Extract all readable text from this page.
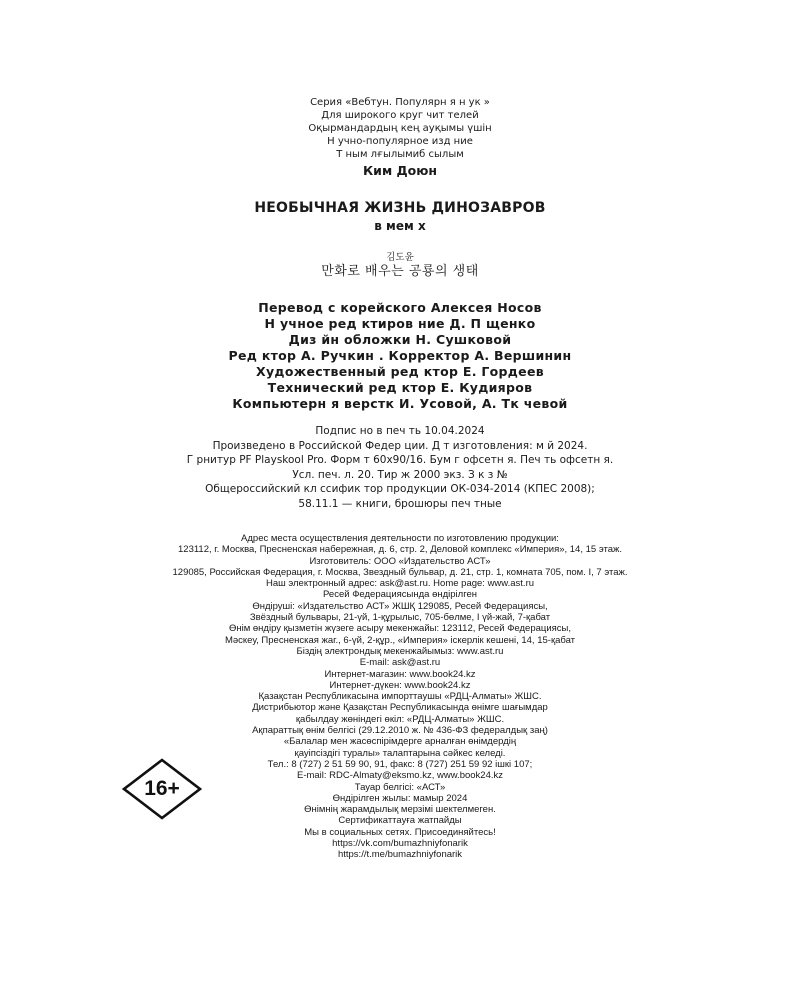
Серия «Вебтун. Популярн я н ук »
Для широкого круг чит телей
Оқырмандардың кең ауқымы үшін
Н учно-популярное изд ние
Т ным лғылымиб сылым
Ким Доюн
НЕОБЫЧНАЯ ЖИЗНЬ ДИНОЗАВРОВ
в мем х
김도윤
만화로 배우는 공룡의 생태
Перевод с корейского Алексея Носов
Н учное ред ктиров ние Д. П щенко
Диз йн обложки Н. Сушковой
Ред ктор А. Ручкин . Корректор А. Вершинин
Художественный ред ктор Е. Гордеев
Технический ред ктор Е. Кудияров
Компьютерн я верстк И. Усовой, А. Тк чевой
Подпис но в печ ть 10.04.2024
Произведено в Российской Федер ции. Д т изготовления: м й 2024.
Г рнитур PF Playskool Pro. Форм т 60x90/16. Бум г офсетн я. Печ ть офсетн я.
Усл. печ. л. 20. Тир ж 2000 экз. З к з №
Общероссийский кл ссифик тор продукции ОК-034-2014 (КПЕС 2008);
58.11.1 — книги, брошюры печ тные
Адрес места осуществления деятельности по изготовлению продукции:
123112, г. Москва, Пресненская набережная, д. 6, стр. 2, Деловой комплекс «Империя», 14, 15 этаж.
Изготовитель: ООО «Издательство АСТ»
129085, Российская Федерация, г. Москва, Звездный бульвар, д. 21, стр. 1, комната 705, пом. I, 7 этаж.
Наш электронный адрес: ask@ast.ru. Home page: www.ast.ru
Ресей Федерациясында өндірілген
Өндіруші: «Издательство АСТ» ЖШҚ 129085, Ресей Федерациясы,
Звёздный бульвары, 21-үй, 1-құрылыс, 705-бөлме, I үй-жай, 7-қабат
Өнім өндіру қызметін жүзеге асыру мекенжайы: 123112, Ресей Федерациясы,
Мәскеу, Пресненская жаг., 6-үй, 2-құр., «Империя» іскерлік кешені, 14, 15-қабат
Біздің электрондық мекенжайымыз: www.ast.ru
E-mail: ask@ast.ru
Интернет-магазин: www.book24.kz
Интернет-дүкен: www.book24.kz
Қазақстан Республикасына импорттаушы «РДЦ-Алматы» ЖШС.
Дистрибьютор және Қазақстан Республикасында өнімге шағымдар
қабылдау жөніндегі өкіл: «РДЦ-Алматы» ЖШС.
Ақпараттық өнім белгісі (29.12.2010 ж. № 436-ФЗ федералдық заң)
«Балалар мен жасөспірімдерге арналған өнімдердің
қауіпсіздігі туралы» талаптарына сәйкес келеді.
Тел.: 8 (727) 2 51 59 90, 91, факс: 8 (727) 251 59 92 ішкі 107;
E-mail: RDC-Almaty@eksmo.kz, www.book24.kz
Тауар белгісі: «АСТ»
Өндірілген жылы: мамыр 2024
Өнімнің жарамдылық мерзімі шектелмеген.
Сертификаттауға жатпайды
Мы в социальных сетях. Присоединяйтесь!
https://vk.com/bumazhniyfonarik
https://t.me/bumazhniyfonarik
16+
